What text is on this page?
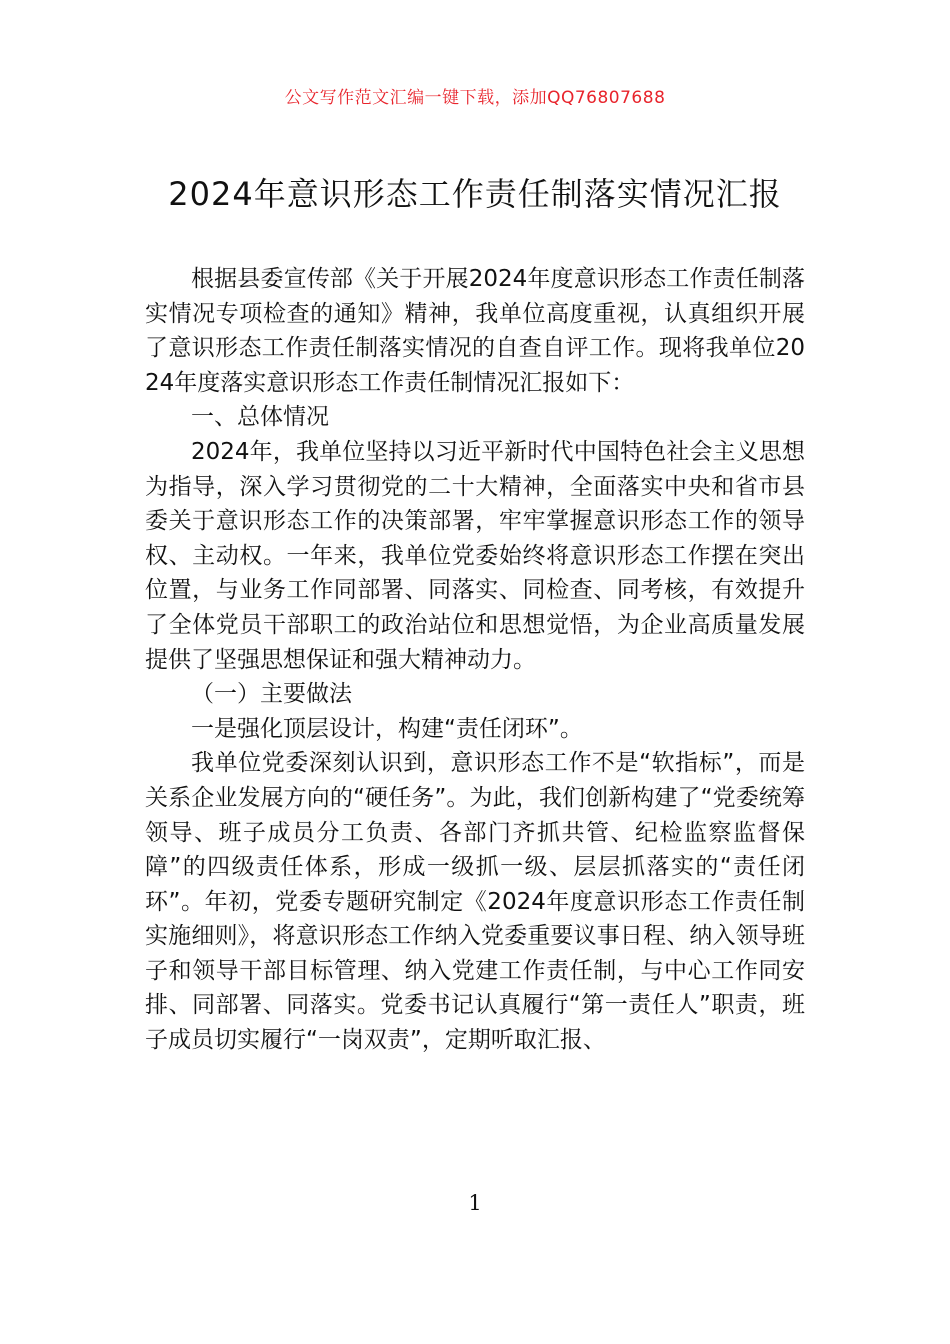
公文写作范文汇编一键下载，添加QQ76807688
2024年意识形态工作责任制落实情况汇报

根据县委宣传部《关于开展2024年度意识形态工作责任制落实情况专项检查的通知》精神，我单位高度重视，认真组织开展了意识形态工作责任制落实情况的自查自评工作。现将我单位2024年度落实意识形态工作责任制情况汇报如下：

一、总体情况

2024年，我单位坚持以习近平新时代中国特色社会主义思想为指导，深入学习贯彻党的二十大精神，全面落实中央和省市县委关于意识形态工作的决策部署，牢牢掌握意识形态工作的领导权、主动权。一年来，我单位党委始终将意识形态工作摆在突出位置，与业务工作同部署、同落实、同检查、同考核，有效提升了全体党员干部职工的政治站位和思想觉悟，为企业高质量发展提供了坚强思想保证和强大精神动力。

（一）主要做法

一是强化顶层设计，构建“责任闭环”。

我单位党委深刻认识到，意识形态工作不是“软指标”，而是关系企业发展方向的“硬任务”。为此，我们创新构建了“党委统筹领导、班子成员分工负责、各部门齐抓共管、纪检监察监督保障”的四级责任体系，形成一级抓一级、层层抓落实的“责任闭环”。年初，党委专题研究制定《2024年度意识形态工作责任制实施细则》，将意识形态工作纳入党委重要议事日程、纳入领导班子和领导干部目标管理、纳入党建工作责任制，与中心工作同安排、同部署、同落实。党委书记认真履行“第一责任人”职责，班子成员切实履行“一岗双责”，定期听取汇报、

1
